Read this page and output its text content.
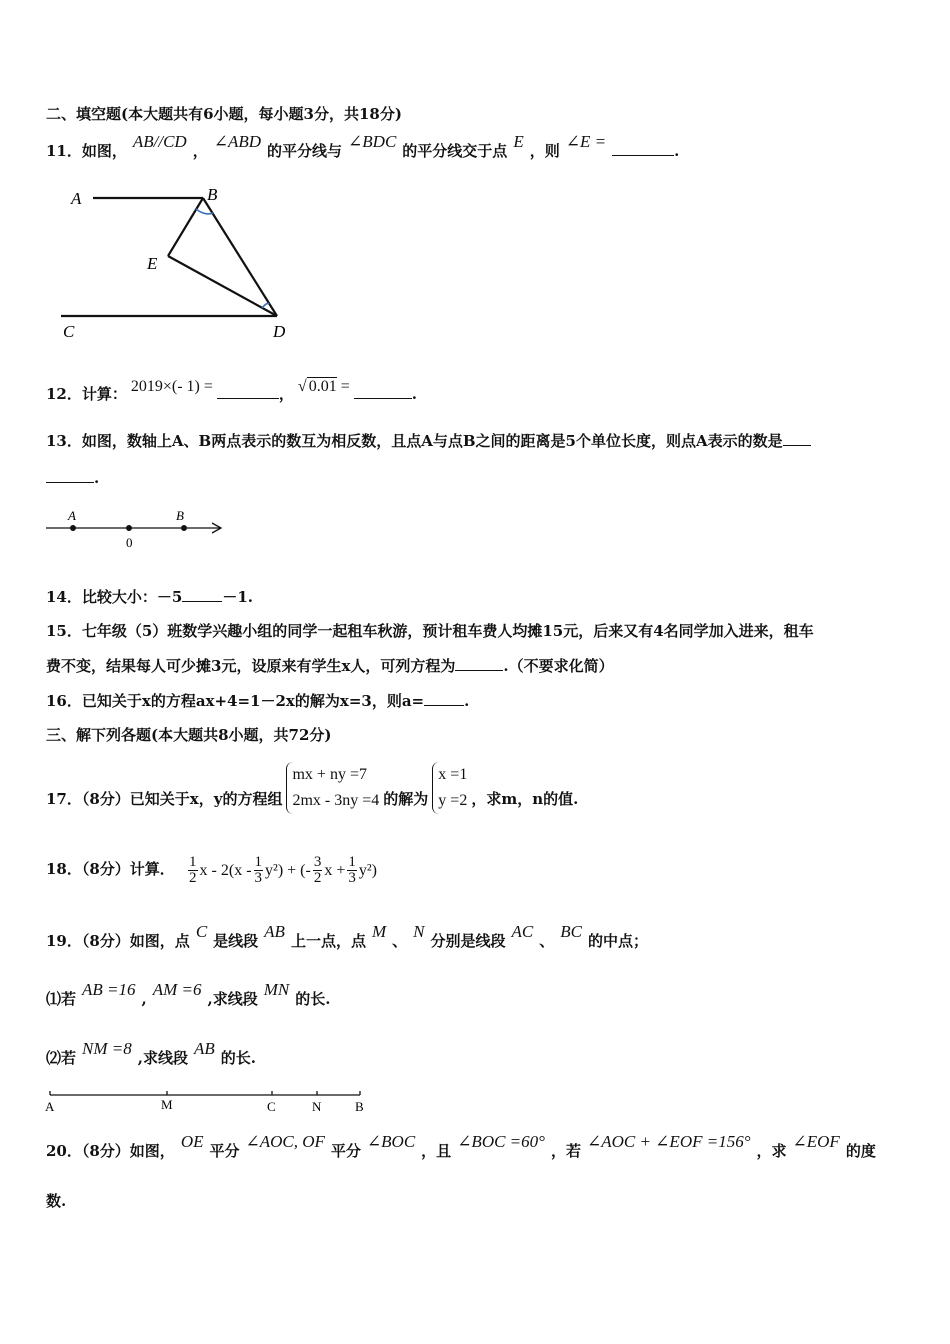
二、填空题(本大题共有6小题，每小题3分，共18分)
11．如图， AB//CD ， ∠ABD 的平分线与 ∠BDC 的平分线交于点 E ，则 ∠E =	.
A	B
C	D
E
12．计算： 2019×(- 1) =	， √ 0.01 =	.
13．如图，数轴上A、B两点表示的数互为相反数，且点A与点B之间的距离是5个单位长度，则点A表示的数是
.
A	B
0
14．比较大小：－5	－1.
15．七年级（5）班数学兴趣小组的同学一起租车秋游，预计租车费人均摊15元，后来又有4名同学加入进来，租车
费不变，结果每人可少摊3元，设原来有学生x人，可列方程为	.（不要求化简）
16．已知关于x的方程ax+4=1－2x的解为x=3，则a=	.
三、解下列各题(本大题共8小题，共72分)
17．（8分）已知关于x，y的方程组
mx + ny =7
2mx - 3ny =4 的解为
x =1
y =2 ，求m，n的值.
18．（8分）计算． $\frac{1}{2}$ x - $2(x - \frac{1}{3} y^2)$ + (- $\frac{3}{2}$ $x + \frac{1}{3} y^2$)
19．（8分）如图，点 C 是线段 AB 上一点，点 M 、 N 分别是线段 AC 、 BC 的中点；
⑴若 AB =16 , AM =6 ,求线段 MN 的长.
⑵若 NM =8 ,求线段 AB 的长.
A	M	C	N	B
20．（8分）如图， OE 平分 ∠AOC, OF 平分 ∠BOC ，且 ∠BOC =60° ，若 ∠AOC + ∠EOF =156° ，求 ∠EOF 的度
数.
